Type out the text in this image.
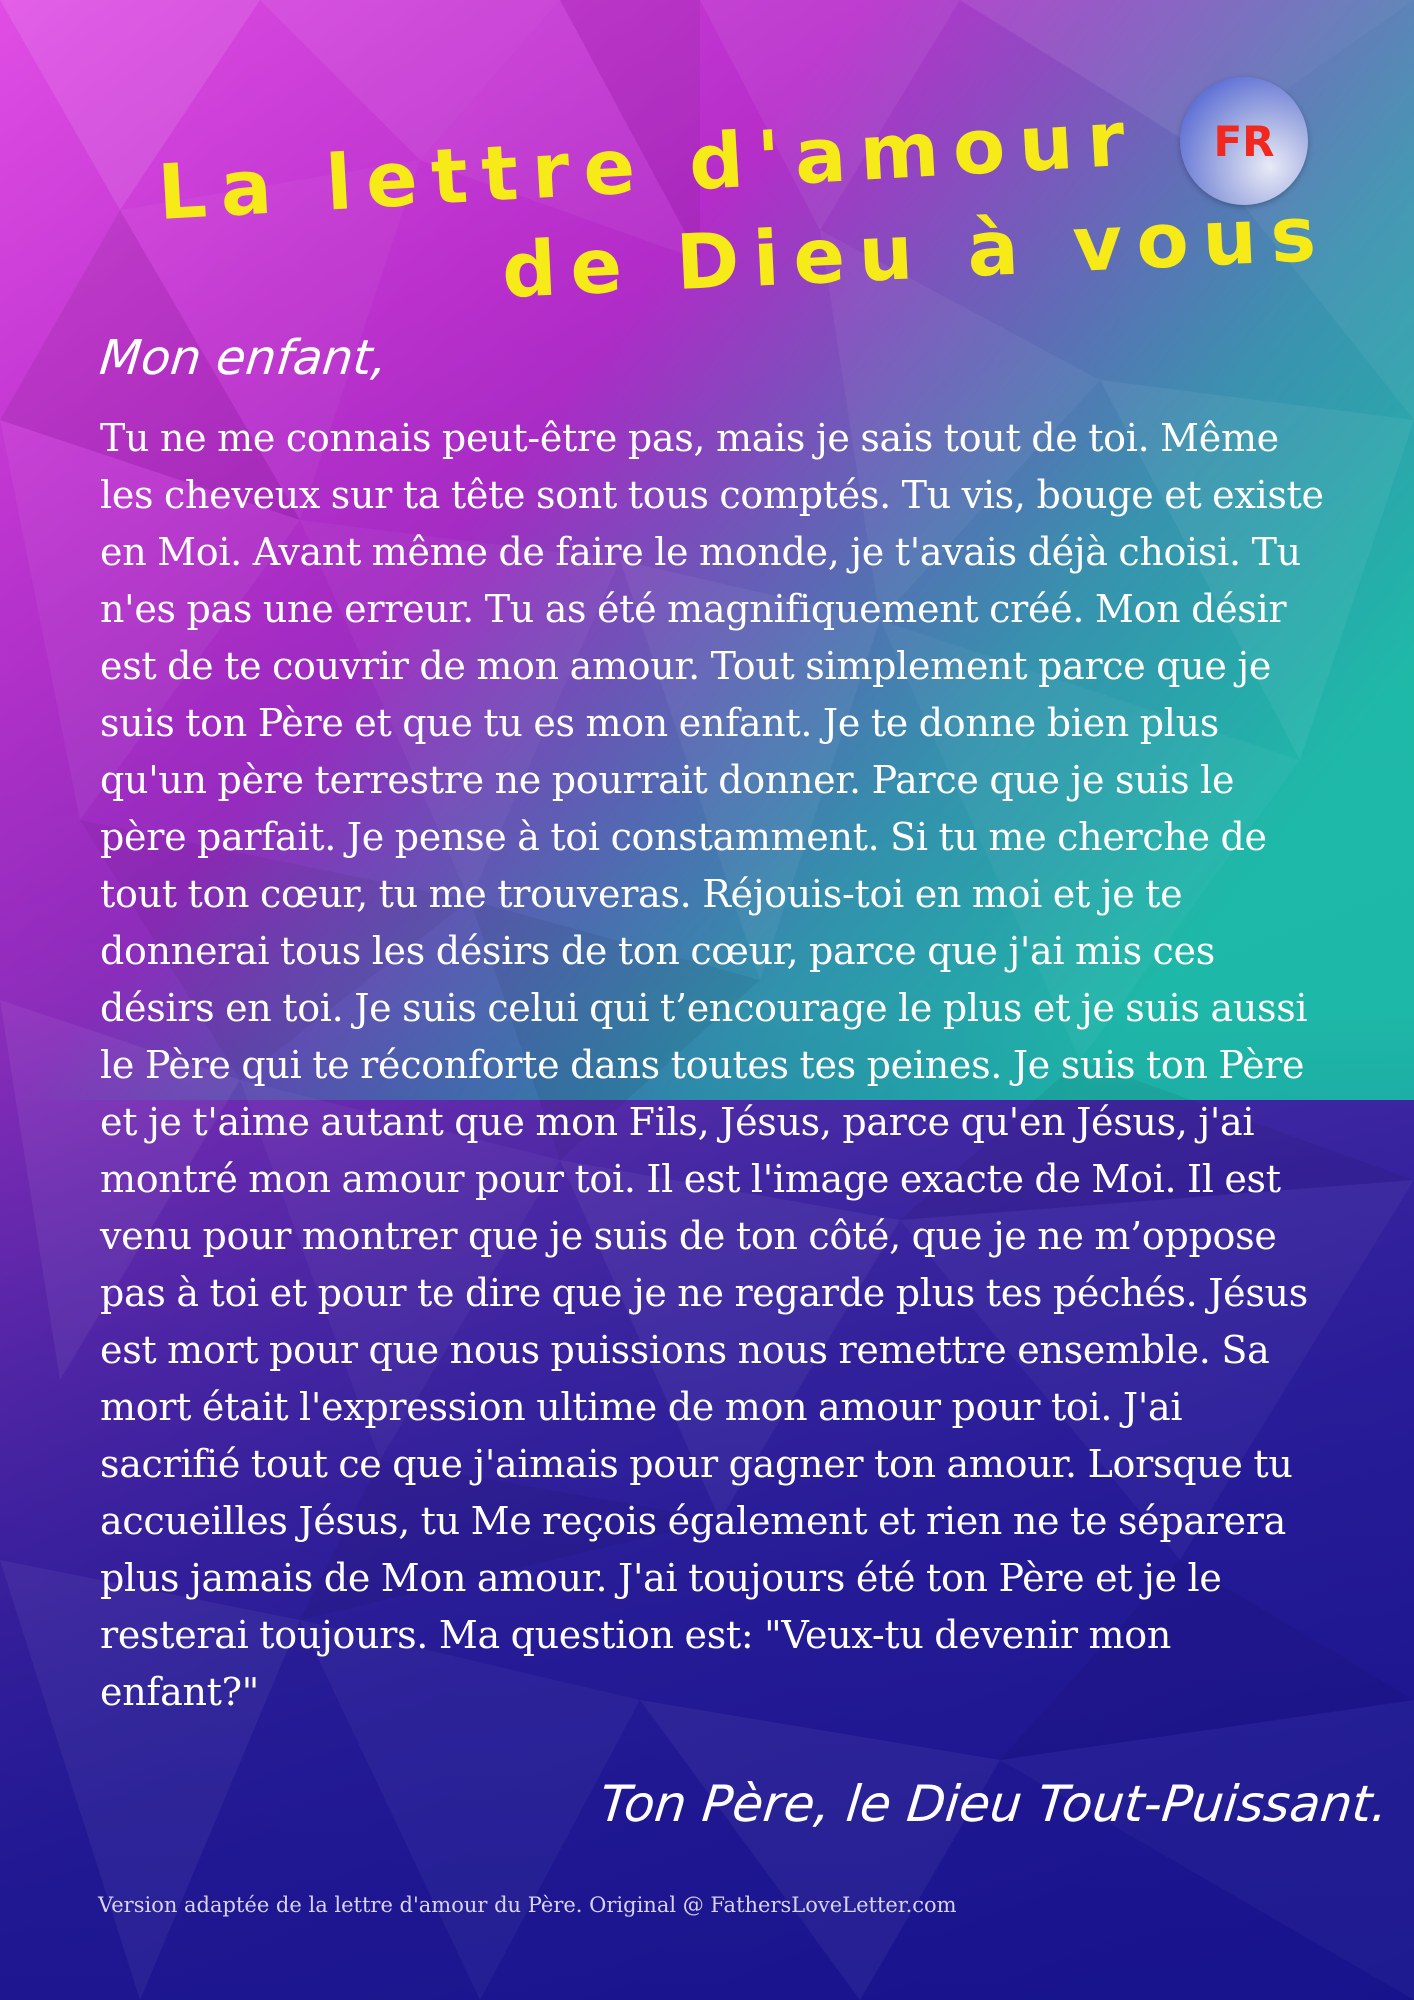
FR
La lettre d'amour
de Dieu à vous
Mon enfant,

Tu ne me connais peut-être pas, mais je sais tout de toi. Même les cheveux sur ta tête sont tous comptés. Tu vis, bouge et existe en Moi. Avant même de faire le monde, je t'avais déjà choisi. Tu n'es pas une erreur. Tu as été magnifiquement créé. Mon désir est de te couvrir de mon amour. Tout simplement parce que je suis ton Père et que tu es mon enfant. Je te donne bien plus qu'un père terrestre ne pourrait donner. Parce que je suis le père parfait. Je pense à toi constamment. Si tu me cherche de tout ton cœur, tu me trouveras. Réjouis-toi en moi et je te donnerai tous les désirs de ton cœur, parce que j'ai mis ces désirs en toi. Je suis celui qui t’encourage le plus et je suis aussi le Père qui te réconforte dans toutes tes peines. Je suis ton Père et je t'aime autant que mon Fils, Jésus, parce qu'en Jésus, j'ai montré mon amour pour toi. Il est l'image exacte de Moi. Il est venu pour montrer que je suis de ton côté, que je ne m’oppose pas à toi et pour te dire que je ne regarde plus tes péchés. Jésus est mort pour que nous puissions nous remettre ensemble. Sa mort était l'expression ultime de mon amour pour toi. J'ai sacrifié tout ce que j'aimais pour gagner ton amour. Lorsque tu accueilles Jésus, tu Me reçois également et rien ne te séparera plus jamais de Mon amour. J'ai toujours été ton Père et je le resterai toujours. Ma question est: "Veux-tu devenir mon enfant?"

Ton Père, le Dieu Tout-Puissant.
Version adaptée de la lettre d'amour du Père. Original @ FathersLoveLetter.com
